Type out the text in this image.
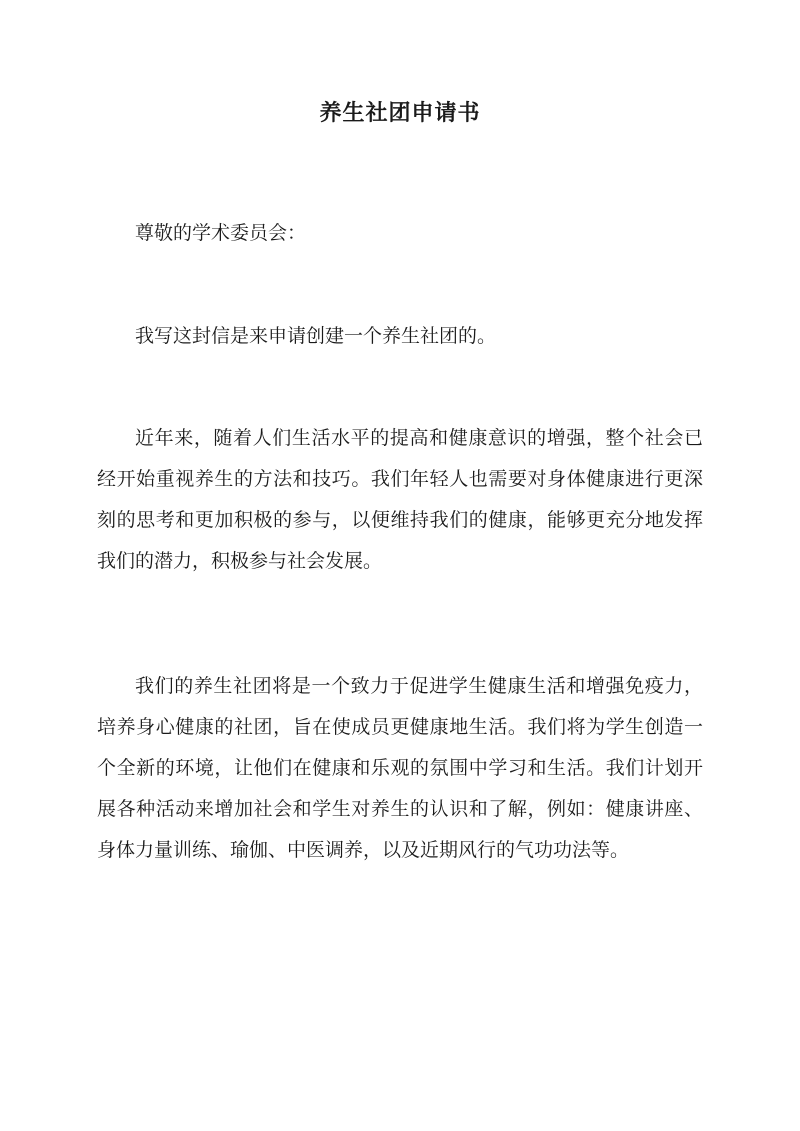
养生社团申请书

尊敬的学术委员会：

我写这封信是来申请创建一个养生社团的。

近年来，随着人们生活水平的提高和健康意识的增强，整个社会已经开始重视养生的方法和技巧。我们年轻人也需要对身体健康进行更深刻的思考和更加积极的参与，以便维持我们的健康，能够更充分地发挥我们的潜力，积极参与社会发展。

我们的养生社团将是一个致力于促进学生健康生活和增强免疫力，培养身心健康的社团，旨在使成员更健康地生活。我们将为学生创造一个全新的环境，让他们在健康和乐观的氛围中学习和生活。我们计划开展各种活动来增加社会和学生对养生的认识和了解，例如：健康讲座、身体力量训练、瑜伽、中医调养，以及近期风行的气功功法等。
